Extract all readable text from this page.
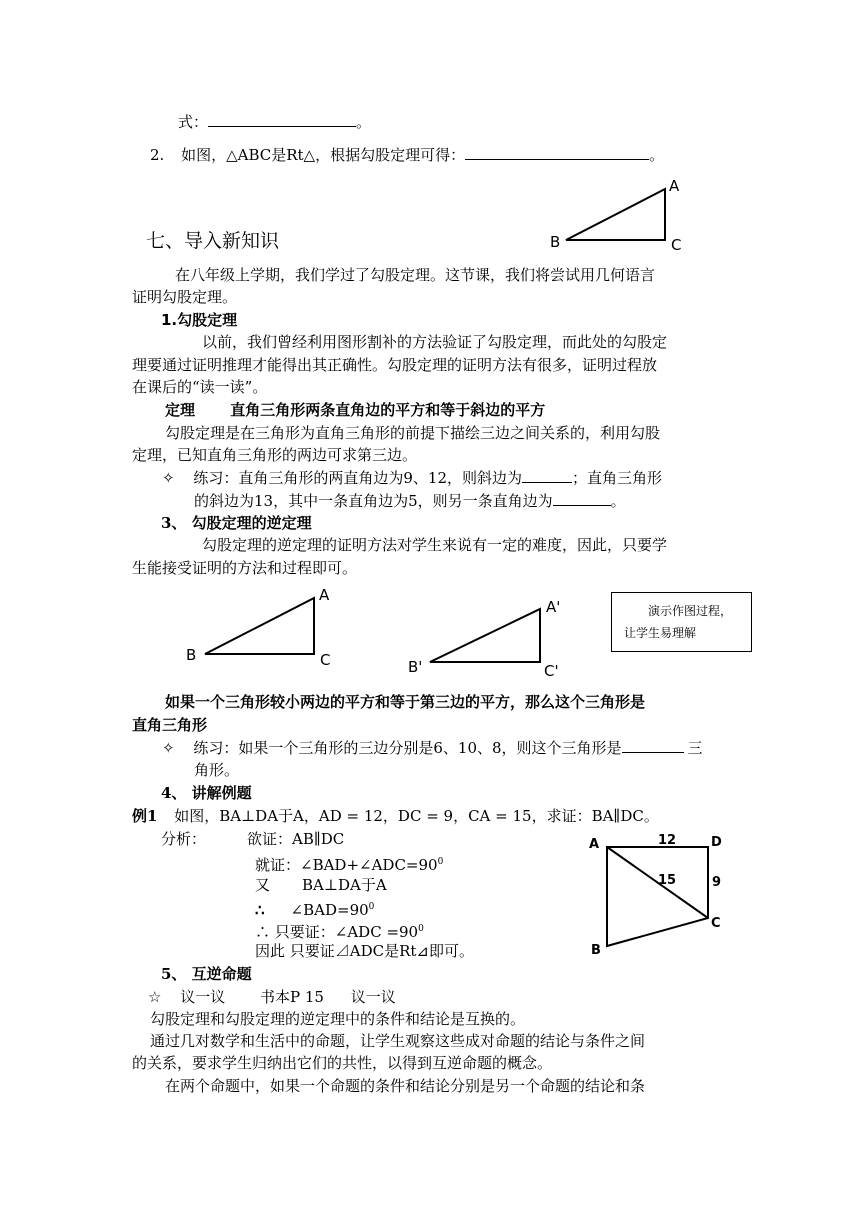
式：	。
2. 如图，△ABC是Rt△，根据勾股定理可得：	。
A
B	C
七、导入新知识
在八年级上学期，我们学过了勾股定理。这节课，我们将尝试用几何语言
证明勾股定理。
1.勾股定理
以前，我们曾经利用图形割补的方法验证了勾股定理，而此处的勾股定
理要通过证明推理才能得出其正确性。勾股定理的证明方法有很多，证明过程放
在课后的“读一读”。
定理 直角三角形两条直角边的平方和等于斜边的平方
勾股定理是在三角形为直角三角形的前提下描绘三边之间关系的，利用勾股
定理，已知直角三角形的两边可求第三边。
✧ 练习：直角三角形的两直角边为9、12，则斜边为	；直角三角形
的斜边为13，其中一条直角边为5，则另一条直角边为	。
3、 勾股定理的逆定理
勾股定理的逆定理的证明方法对学生来说有一定的难度，因此，只要学
生能接受证明的方法和过程即可。
A
B	C
A'
B'	C'
演示作图过程，
让学生易理解
如果一个三角形较小两边的平方和等于第三边的平方，那么这个三角形是
直角三角形
✧ 练习：如果一个三角形的三边分别是6、10、8，则这个三角形是	三
角形。
4、 讲解例题
例1 如图，BA⊥DA于A，AD = 12，DC = 9，CA = 15，求证：BA∥DC。
分析：	欲证：AB∥DC
就证：$\angle BAD+\angle ADC=90^0$
又 BA⊥DA于A
∴ $\angle BAD=90^0$
∴ 只要证：∠ADC $=90^0$
因此 只要证⊿ADC是Rt⊿即可。
A
B
C
D
12
9
15
5、 互逆命题
☆ 议一议 书本P 15 议一议
勾股定理和勾股定理的逆定理中的条件和结论是互换的。
通过几对数学和生活中的命题，让学生观察这些成对命题的结论与条件之间
的关系，要求学生归纳出它们的共性，以得到互逆命题的概念。
在两个命题中，如果一个命题的条件和结论分别是另一个命题的结论和条
